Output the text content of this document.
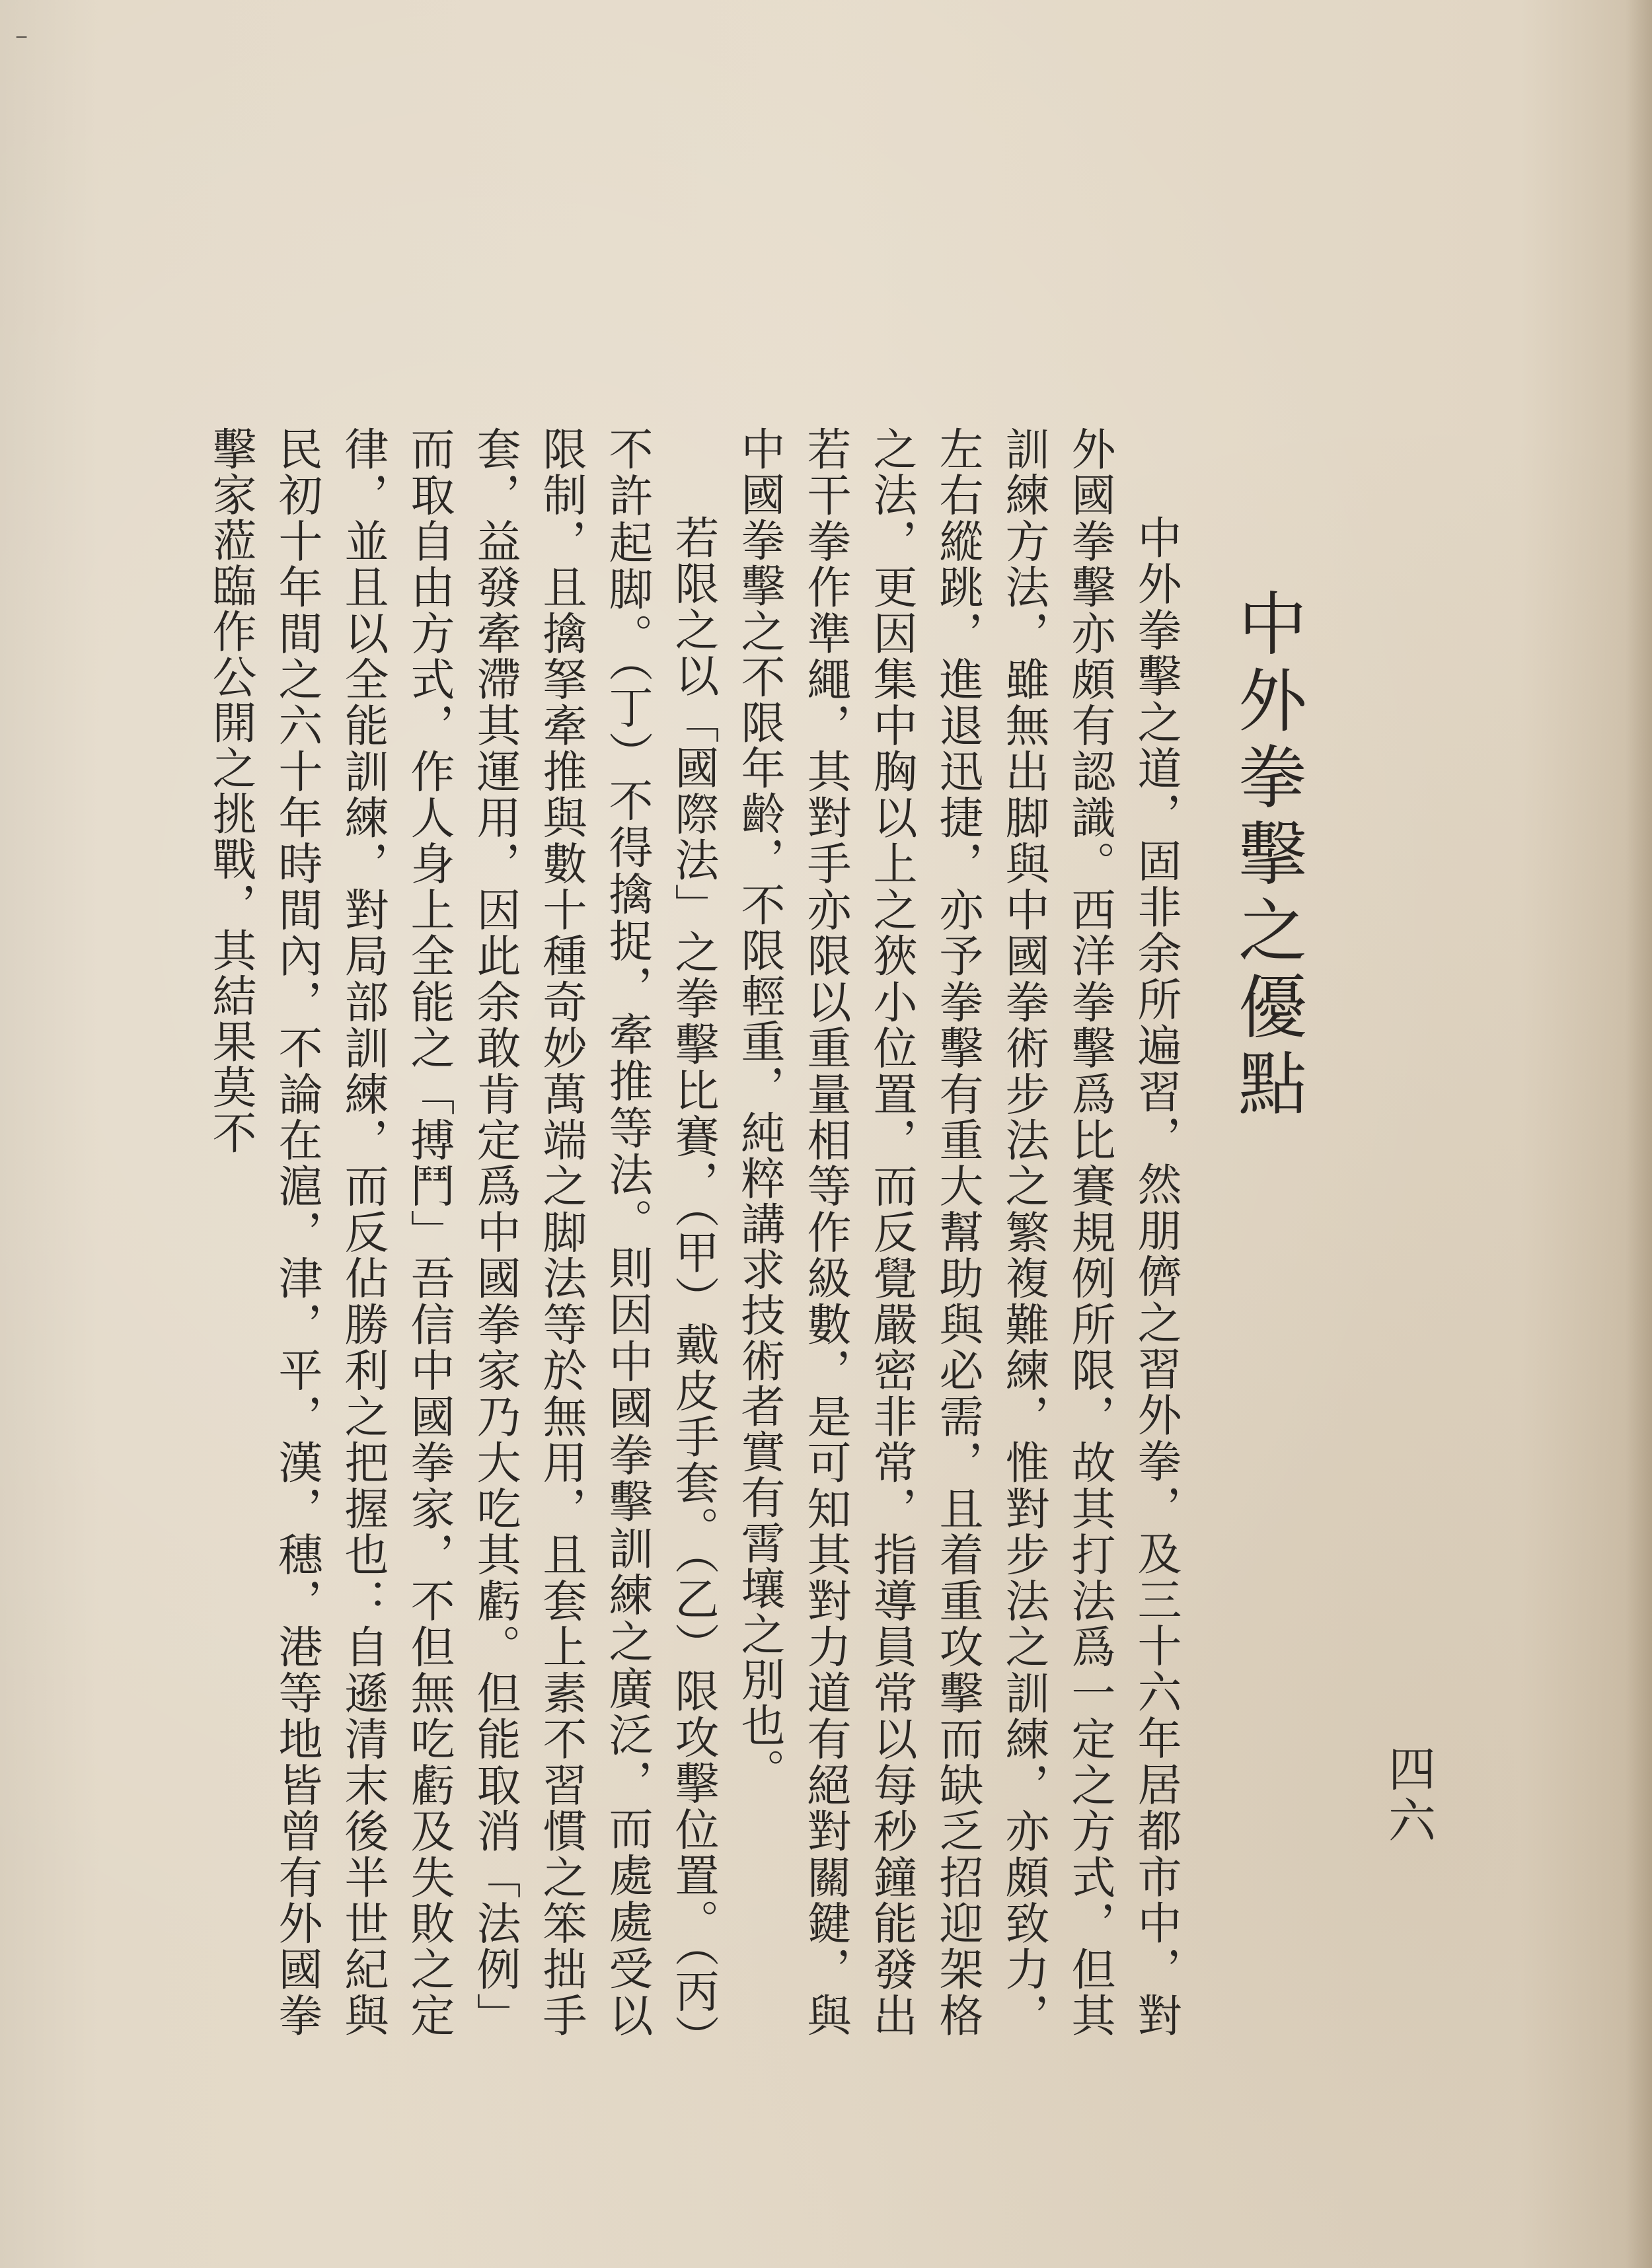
⁻
中外拳擊之優點

中外拳擊之道，固非余所遍習，然朋儕之習外拳，及三十六年居都市中，對外國拳擊亦頗有認識。西洋拳擊爲比賽規例所限，故其打法爲一定之方式，但其訓練方法，雖無出脚與中國拳術步法之繁複難練，惟對步法之訓練，亦頗致力，左右縱跳，進退迅捷，亦予拳擊有重大幫助與必需，且着重攻擊而缺乏招迎架格之法，更因集中胸以上之狹小位置，而反覺嚴密非常，指導員常以每秒鐘能發出若干拳作準繩，其對手亦限以重量相等作級數，是可知其對力道有絕對關鍵，與中國拳擊之不限年齡，不限輕重，純粹講求技術者實有霄壤之別也。

若限之以「國際法」之拳擊比賽，（甲）戴皮手套。（乙）限攻擊位置。（丙）不許起脚。（丁）不得擒捉，牽推等法。則因中國拳擊訓練之廣泛，而處處受以限制，且擒拏牽推與數十種奇妙萬端之脚法等於無用，且套上素不習慣之笨拙手套，益發牽滯其運用，因此余敢肯定爲中國拳家乃大吃其虧。但能取消「法例」而取自由方式，作人身上全能之「搏鬥」吾信中國拳家，不但無吃虧及失敗之定律，並且以全能訓練，對局部訓練，而反佔勝利之把握也：自遜清末後半世紀與民初十年間之六十年時間內，不論在滬，津，平，漢，穗，港等地皆曾有外國拳擊家蒞臨作公開之挑戰，其結果莫不

四六
